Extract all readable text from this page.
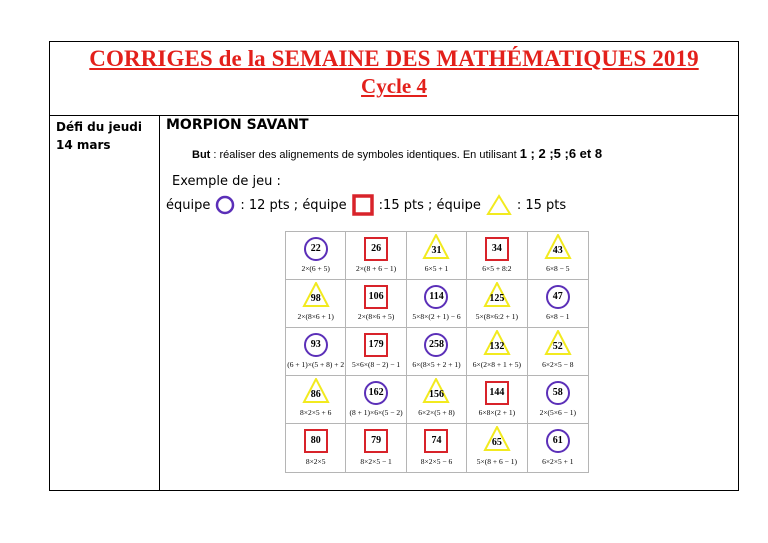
CORRIGES de la SEMAINE DES MATHÉMATIQUES 2019
Cycle 4
Défi du jeudi
14 mars
MORPION SAVANT
But : réaliser des alignements de symboles identiques. En utilisant 1 ; 2 ;5 ;6 et 8
Exemple de jeu :
équipe : 12 pts ; équipe :15 pts ; équipe	: 15 pts
22
2×(6 + 5)
26
2×(8 + 6 − 1)
31
6×5 + 1
34
6×5 + 8:2
43
6×8 − 5
98
2×(8×6 + 1)
106
2×(8×6 + 5)
114
5×8×(2 + 1) − 6
125
5×(8×6:2 + 1)
47
6×8 − 1
93
(6 + 1)×(5 + 8) + 2
179
5×6×(8 − 2) − 1
258
6×(8×5 + 2 + 1)
132
6×(2×8 + 1 + 5)
52
6×2×5 − 8
86
8×2×5 + 6
162
(8 + 1)×6×(5 − 2)
156
6×2×(5 + 8)
144
6×8×(2 + 1)
58
2×(5×6 − 1)
80
8×2×5
79
8×2×5 − 1
74
8×2×5 − 6
65
5×(8 + 6 − 1)
61
6×2×5 + 1
